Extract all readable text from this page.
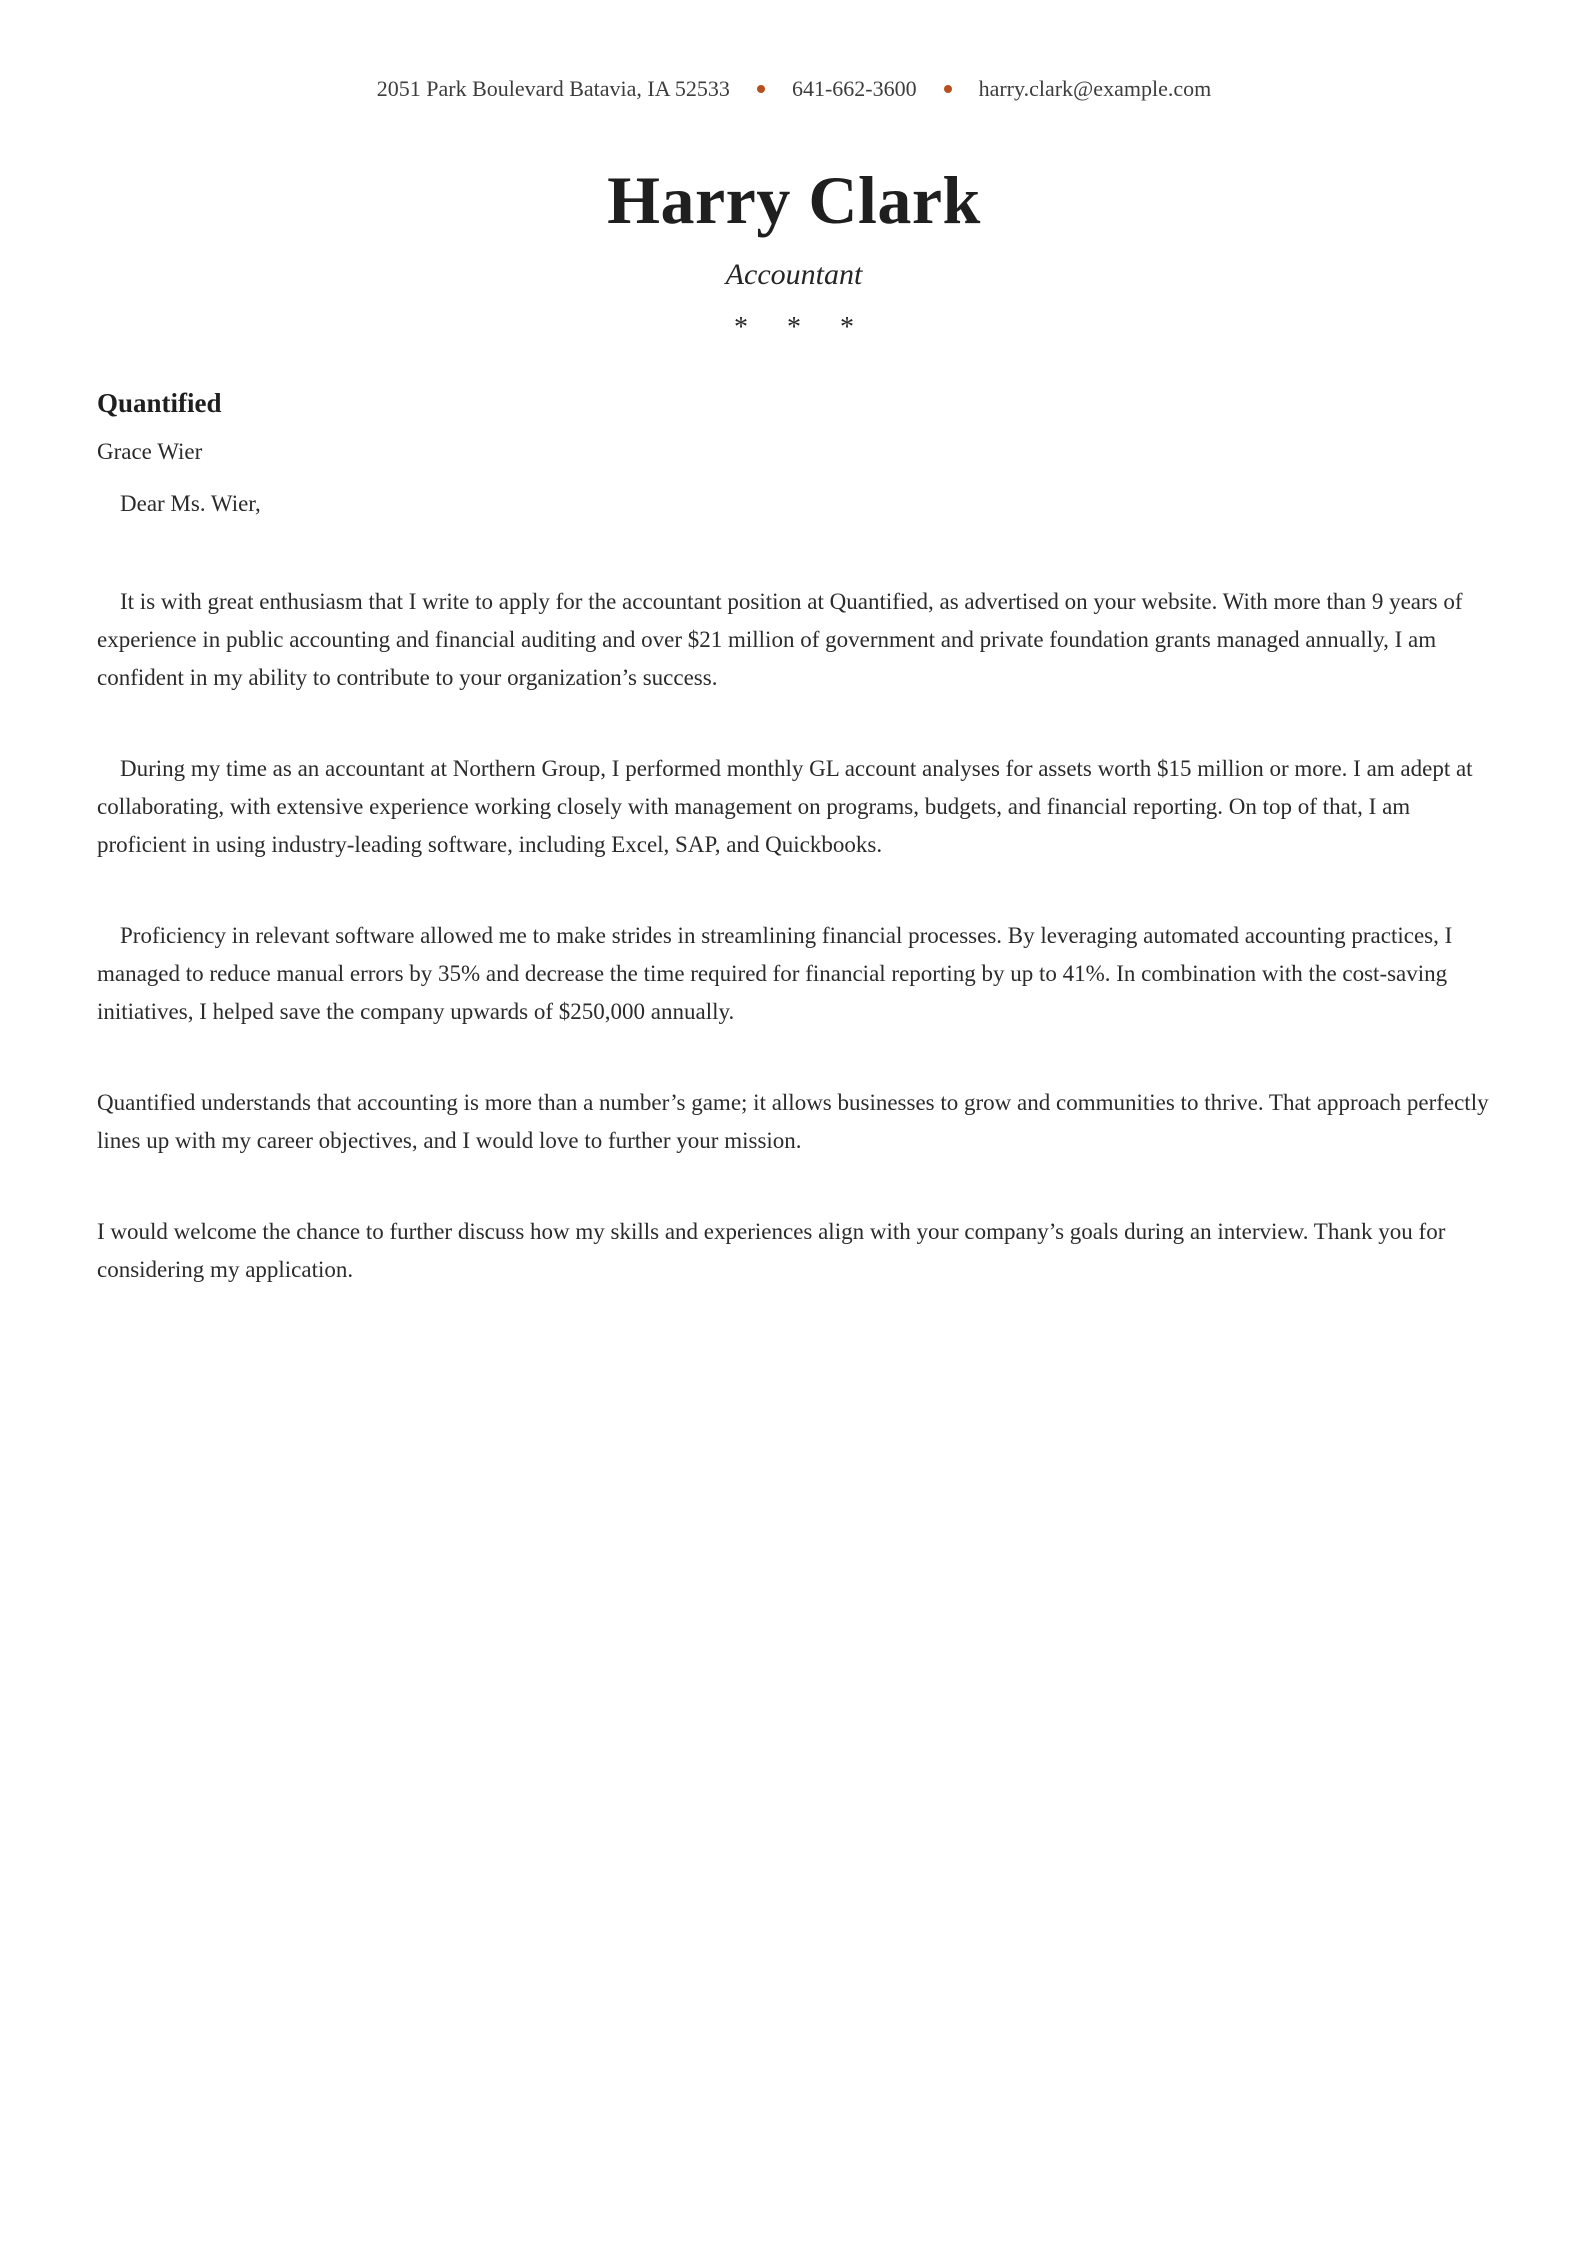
2051 Park Boulevard Batavia, IA 52533	641-662-3600	harry.clark@example.com
Harry Clark
Accountant
* * *
Quantified
Grace Wier

Dear Ms. Wier,

It is with great enthusiasm that I write to apply for the accountant position at Quantified, as advertised on your website. With more than 9 years of experience in public accounting and financial auditing and over $21 million of government and private foundation grants managed annually, I am confident in my ability to contribute to your organization’s success.

During my time as an accountant at Northern Group, I performed monthly GL account analyses for assets worth $15 million or more. I am adept at collaborating, with extensive experience working closely with management on programs, budgets, and financial reporting. On top of that, I am proficient in using industry-leading software, including Excel, SAP, and Quickbooks.

Proficiency in relevant software allowed me to make strides in streamlining financial processes. By leveraging automated accounting practices, I managed to reduce manual errors by 35% and decrease the time required for financial reporting by up to 41%. In combination with the cost-saving initiatives, I helped save the company upwards of $250,000 annually.

Quantified understands that accounting is more than a number’s game; it allows businesses to grow and communities to thrive. That approach perfectly lines up with my career objectives, and I would love to further your mission.

I would welcome the chance to further discuss how my skills and experiences align with your company’s goals during an interview. Thank you for considering my application.
